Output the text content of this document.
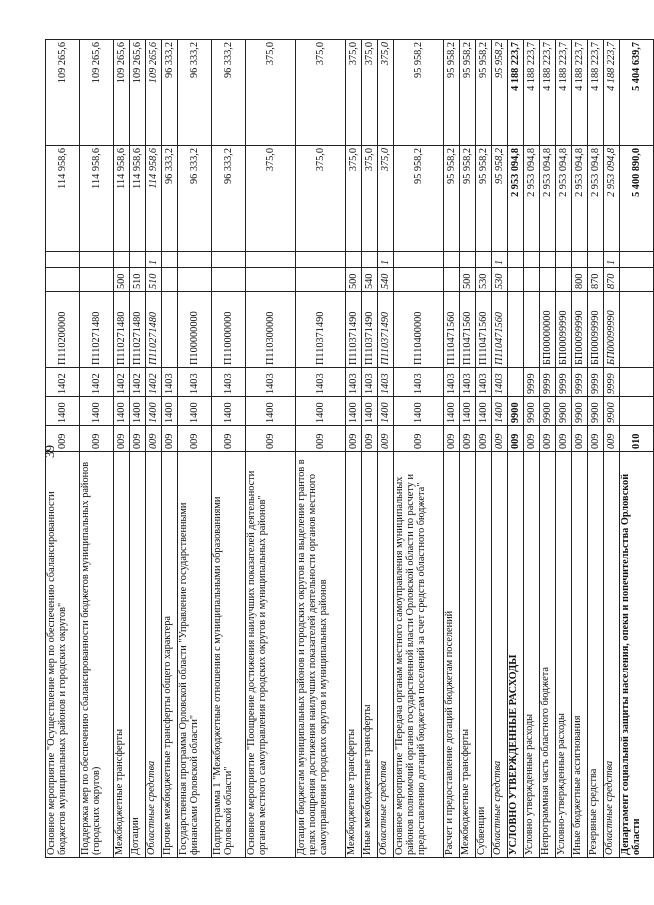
39
Основное мероприятие "Осуществление мер по обеспечению сбалансированности бюджетов муниципальных районов и городских округов"	009	1400	1402	П110200000			114 958,6	109 265,6
Поддержка мер по обеспечению сбалансированности бюджетов муниципальных районов (городских округов)	009	1400	1402	П110271480			114 958,6	109 265,6
Межбюджетные трансферты	009	1400	1402	П110271480	500		114 958,6	109 265,6
Дотации	009	1400	1402	П110271480	510		114 958,6	109 265,6
Областные средства	009	1400	1402	П110271480	510	1	114 958,6	109 265,6
Прочие межбюджетные трансферты общего характера	009	1400	1403				96 333,2	96 333,2
Государственная программа Орловской области "Управление государственными финансами Орловской области"	009	1400	1403	П100000000			96 333,2	96 333,2
Подпрограмма 1 "Межбюджетные отношения с муниципальными образованиями Орловской области"	009	1400	1403	П110000000			96 333,2	96 333,2
Основное мероприятие "Поощрение достижения наилучших показателей деятельности органов местного самоуправления городских округов и муниципальных районов"	009	1400	1403	П110300000			375,0	375,0
Дотации бюджетам муниципальных районов и городских округов на выделение грантов в целях поощрения достижения наилучших показателей деятельности органов местного самоуправления городских округов и муниципальных районов	009	1400	1403	П110371490			375,0	375,0
Межбюджетные трансферты	009	1400	1403	П110371490	500		375,0	375,0
Иные межбюджетные трансферты	009	1400	1403	П110371490	540		375,0	375,0
Областные средства	009	1400	1403	П110371490	540	1	375,0	375,0
Основное мероприятие "Передача органам местного самоуправления муниципальных районов полномочий органов государственной власти Орловской области по расчету и предоставлению дотаций бюджетам поселений за счет средств областного бюджета"	009	1400	1403	П110400000			95 958,2	95 958,2
Расчет и предоставление дотаций бюджетам поселений	009	1400	1403	П110471560			95 958,2	95 958,2
Межбюджетные трансферты	009	1400	1403	П110471560	500		95 958,2	95 958,2
Субвенции	009	1400	1403	П110471560	530		95 958,2	95 958,2
Областные средства	009	1400	1403	П110471560	530	1	95 958,2	95 958,2
УСЛОВНО УТВЕРЖДЕННЫЕ РАСХОДЫ	009	9900					2 953 094,8	4 188 223,7
Условно утвержденные расходы	009	9900	9999				2 953 094,8	4 188 223,7
Непрограммная часть областного бюджета	009	9900	9999	БП00000000			2 953 094,8	4 188 223,7
Условно-утвержденные расходы	009	9900	9999	БП00099990			2 953 094,8	4 188 223,7
Иные бюджетные ассигнования	009	9900	9999	БП00099990	800		2 953 094,8	4 188 223,7
Резервные средства	009	9900	9999	БП00099990	870		2 953 094,8	4 188 223,7
Областные средства	009	9900	9999	БП00099990	870	1	2 953 094,8	4 188 223,7
Департамент социальной защиты населения, опеки и попечительства Орловской области	010						5 400 890,0	5 404 639,7
